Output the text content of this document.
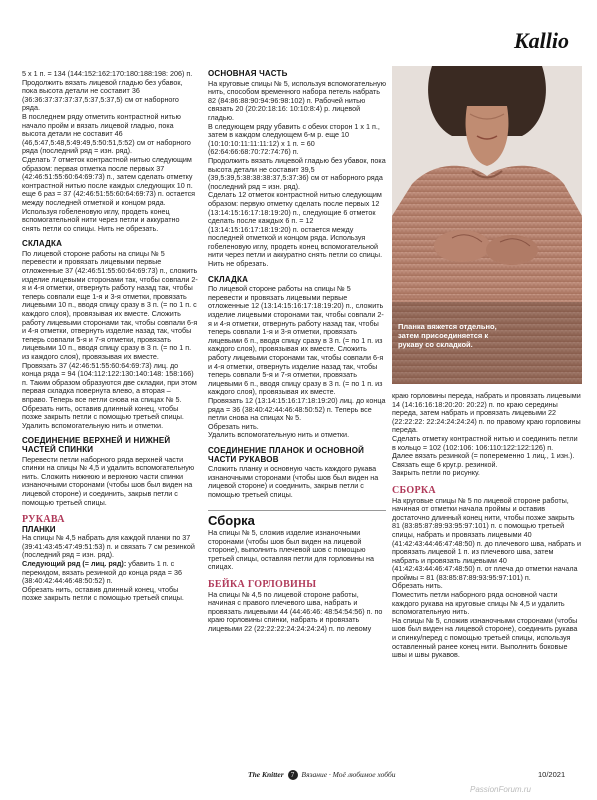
Kallio
Планка вяжется отдельно, затем присоединяется к рукаву со складкой.
5 х 1 п. = 134 (144:152:162:170:180:188:198: 206) п.
Продолжить вязать лицевой гладью без убавок, пока высота детали не составит 36 (36:36:37:37:37:37,5:37,5:37,5) см от наборного ряда.
В последнем ряду отметить контрастной нитью начало пройм и вязать лицевой гладью, пока высота детали не составит 46 (46,5:47,5:48,5:49:49,5:50:51,5:52) см от наборного ряда (последний ряд = изн. ряд).
Сделать 7 отметок контрастной нитью следующим образом: первая отметка после первых 37 (42:46:51:55:60:64:69:73) п., затем сделать отметку контрастной нитью после каждых следующих 10 п. еще 6 раз = 37 (42:46:51:55:60:64:69:73) п. остается между последней отметкой и концом ряда. Используя гобеленовую иглу, продеть конец вспомогательной нити через петли и аккуратно снять петли со спицы. Нить не обрезать.
СКЛАДКА
По лицевой стороне работы на спицы № 5 перевести и провязать лицевыми первые отложенные 37 (42:46:51:55:60:64:69:73) п., сложить изделие лицевыми сторонами так, чтобы совпали 2-я и 4-я отметки, отвернуть работу назад так, чтобы теперь совпали еще 1-я и 3-я отметки, провязать лицевыми 10 п., вводя спицу сразу в 3 п. (= по 1 п. с каждого слоя), провязывая их вместе. Сложить работу лицевыми сторонами так, чтобы совпали 6-я и 4-я отметки, отвернуть изделие назад так, чтобы теперь совпали 5-я и 7-я отметки, провязать лицевыми 10 п., вводя спицу сразу в 3 п. (= по 1 п. из каждого слоя), провязывая их вместе.
Провязать 37 (42:46:51:55:60:64:69:73) лиц. до конца ряда = 94 (104:112:122:130:140:148: 158:166) п. Таким образом образуются две складки, при этом первая складка повернута влево, а вторая – вправо. Теперь все петли снова на спицах № 5.
Обрезать нить, оставив длинный конец, чтобы позже закрыть петли с помощью третьей спицы.
Удалить вспомогательную нить и отметки.
СОЕДИНЕНИЕ ВЕРХНЕЙ И НИЖНЕЙ ЧАСТЕЙ СПИНКИ
Перевести петли наборного ряда верхней части спинки на спицы № 4,5 и удалить вспомогательную нить. Сложить нижнюю и верхнюю части спинки изнаночными сторонами (чтобы шов был виден на лицевой стороне) и соединить, закрыв петли с помощью третьей спицы.
РУКАВА
ПЛАНКИ
На спицы № 4,5 набрать для каждой планки по 37 (39:41:43:45:47:49:51:53) п. и связать 7 см резинкой (последний ряд = изн. ряд).
Следующий ряд (= лиц. ряд): убавить 1 п. с перекидом, вязать резинкой до конца ряда = 36 (38:40:42:44:46:48:50:52) п.
Обрезать нить, оставив длинный конец, чтобы позже закрыть петли с помощью третьей спицы.
ОСНОВНАЯ ЧАСТЬ
На круговые спицы № 5, используя вспомогательную нить, способом временного набора петель набрать 82 (84:86:88:90:94:96:98:102) п. Рабочей нитью связать 20 (20:20:18:16: 10:10:8:4) р. лицевой гладью.
В следующем ряду убавить с обеих сторон 1 х 1 п., затем в каждом следующем 6-м р. еще 10 (10:10:10:11:11:11:12) х 1 п. = 60 (62:64:66:68:70:72:74:76) п.
Продолжить вязать лицевой гладью без убавок, пока высота детали не составит 39,5 (39,5:39,5:38:38:38:37,5:37:36) см от наборного ряда (последний ряд = изн. ряд).
Сделать 12 отметок контрастной нитью следующим образом: первую отметку сделать после первых 12 (13:14:15:16:17:18:19:20) п., следующие 6 отметок сделать после каждых 6 п. = 12 (13:14:15:16:17:18:19:20) п. остается между последней отметкой и концом ряда. Используя гобеленовую иглу, продеть конец вспомогательной нити через петли и аккуратно снять петли со спицы.
Нить не обрезать.
СКЛАДКА
По лицевой стороне работы на спицы № 5 перевести и провязать лицевыми первые отложенные 12 (13:14:15:16:17:18:19:20) п., сложить изделие лицевыми сторонами так, чтобы совпали 2-я и 4-я отметки, отвернуть работу назад так, чтобы теперь совпали 1-я и 3-я отметки, провязать лицевыми 6 п., вводя спицу сразу в 3 п. (= по 1 п. из каждого слоя), провязывая их вместе. Сложить работу лицевыми сторонами так, чтобы совпали 6-я и 4-я отметки, отвернуть изделие назад так, чтобы теперь совпали 5-я и 7-я отметки, провязать лицевыми 6 п., вводя спицу сразу в 3 п. (= по 1 п. из каждого слоя), провязывая их вместе.
Провязать 12 (13:14:15:16:17:18:19:20) лиц. до конца ряда = 36 (38:40:42:44:46:48:50:52) п. Теперь все петли снова на спицах № 5.
Обрезать нить.
Удалить вспомогательную нить и отметки.
СОЕДИНЕНИЕ ПЛАНОК И ОСНОВНОЙ ЧАСТИ РУКАВОВ
Сложить планку и основную часть каждого рукава изнаночными сторонами (чтобы шов был виден на лицевой стороне) и соединить, закрыв петли с помощью третьей спицы.
Сборка
На спицы № 5, сложив изделие изнаночными сторонами (чтобы шов был виден на лицевой стороне), выполнить плечевой шов с помощью третьей спицы, оставляя петли для горловины на спицах.
БЕЙКА ГОРЛОВИНЫ
На спицы № 4,5 по лицевой стороне работы, начиная с правого плечевого шва, набрать и провязать лицевыми 44 (44:46:46: 48:54:54:56) п. по краю горловины спинки, набрать и провязать лицевыми 22 (22:22:22:24:24:24:24) п. по левому
краю горловины переда, набрать и провязать лицевыми 14 (14:16:16:18:20:20: 20:22) п. по краю середины переда, затем набрать и провязать лицевыми 22 (22:22:22: 22:24:24:24:24) п. по правому краю горловины переда.
Сделать отметку контрастной нитью и соединить петли в кольцо = 102 (102:106: 106:110:122:122:126) п.
Далее вязать резинкой (= попеременно 1 лиц., 1 изн.).
Связать еще 6 круг.р. резинкой.
Закрыть петли по рисунку.
СБОРКА
На круговые спицы № 5 по лицевой стороне работы, начиная от отметки начала проймы и оставив достаточно длинный конец нити, чтобы позже закрыть 81 (83:85:87:89:93:95:97:101) п. с помощью третьей спицы, набрать и провязать лицевыми 40 (41:42:43:44:46:47:48:50) п. до плечевого шва, набрать и провязать лицевой 1 п. из плечевого шва, затем набрать и провязать лицевыми 40 (41:42:43:44:46:47:48:50) п. от плеча до отметки начала проймы = 81 (83:85:87:89:93:95:97:101) п.
Обрезать нить.
Поместить петли наборного ряда основной части каждого рукава на круговые спицы № 4,5 и удалить вспомогательную нить.
На спицы № 5, сложив изнаночными сторонами (чтобы шов был виден на лицевой стороне), соединить рукава и спинку/перед с помощью третьей спицы, используя оставленный ранее конец нити. Выполнить боковые швы и швы рукавов.
The Knitter 7 Вязание · Моё любимое хобби	10/2021
PassionForum.ru
